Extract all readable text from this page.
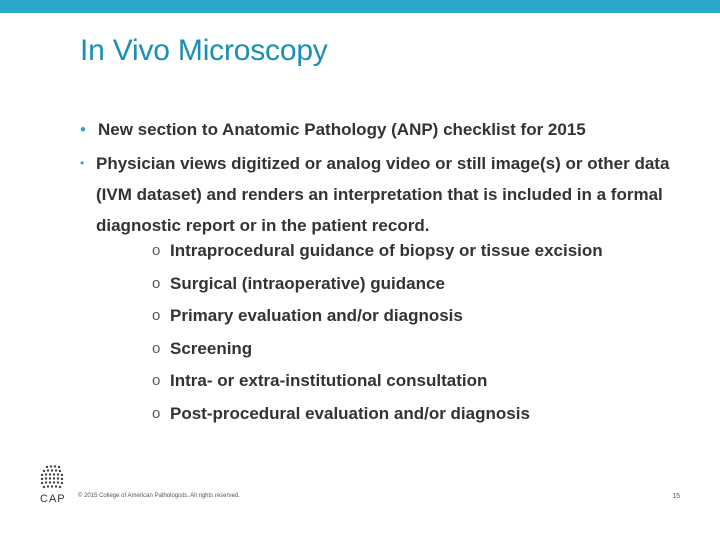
In Vivo Microscopy
• New section to Anatomic Pathology (ANP) checklist for 2015
• Physician views digitized or analog video or still image(s) or other data (IVM dataset) and renders an interpretation that is included in a formal diagnostic report or in the patient record.
o Intraprocedural guidance of biopsy or tissue excision
o Surgical (intraoperative) guidance
o Primary evaluation and/or diagnosis
o Screening
o Intra- or extra-institutional consultation
o Post-procedural evaluation and/or diagnosis
CAP © 2015 College of American Pathologists. All rights reserved.	15
